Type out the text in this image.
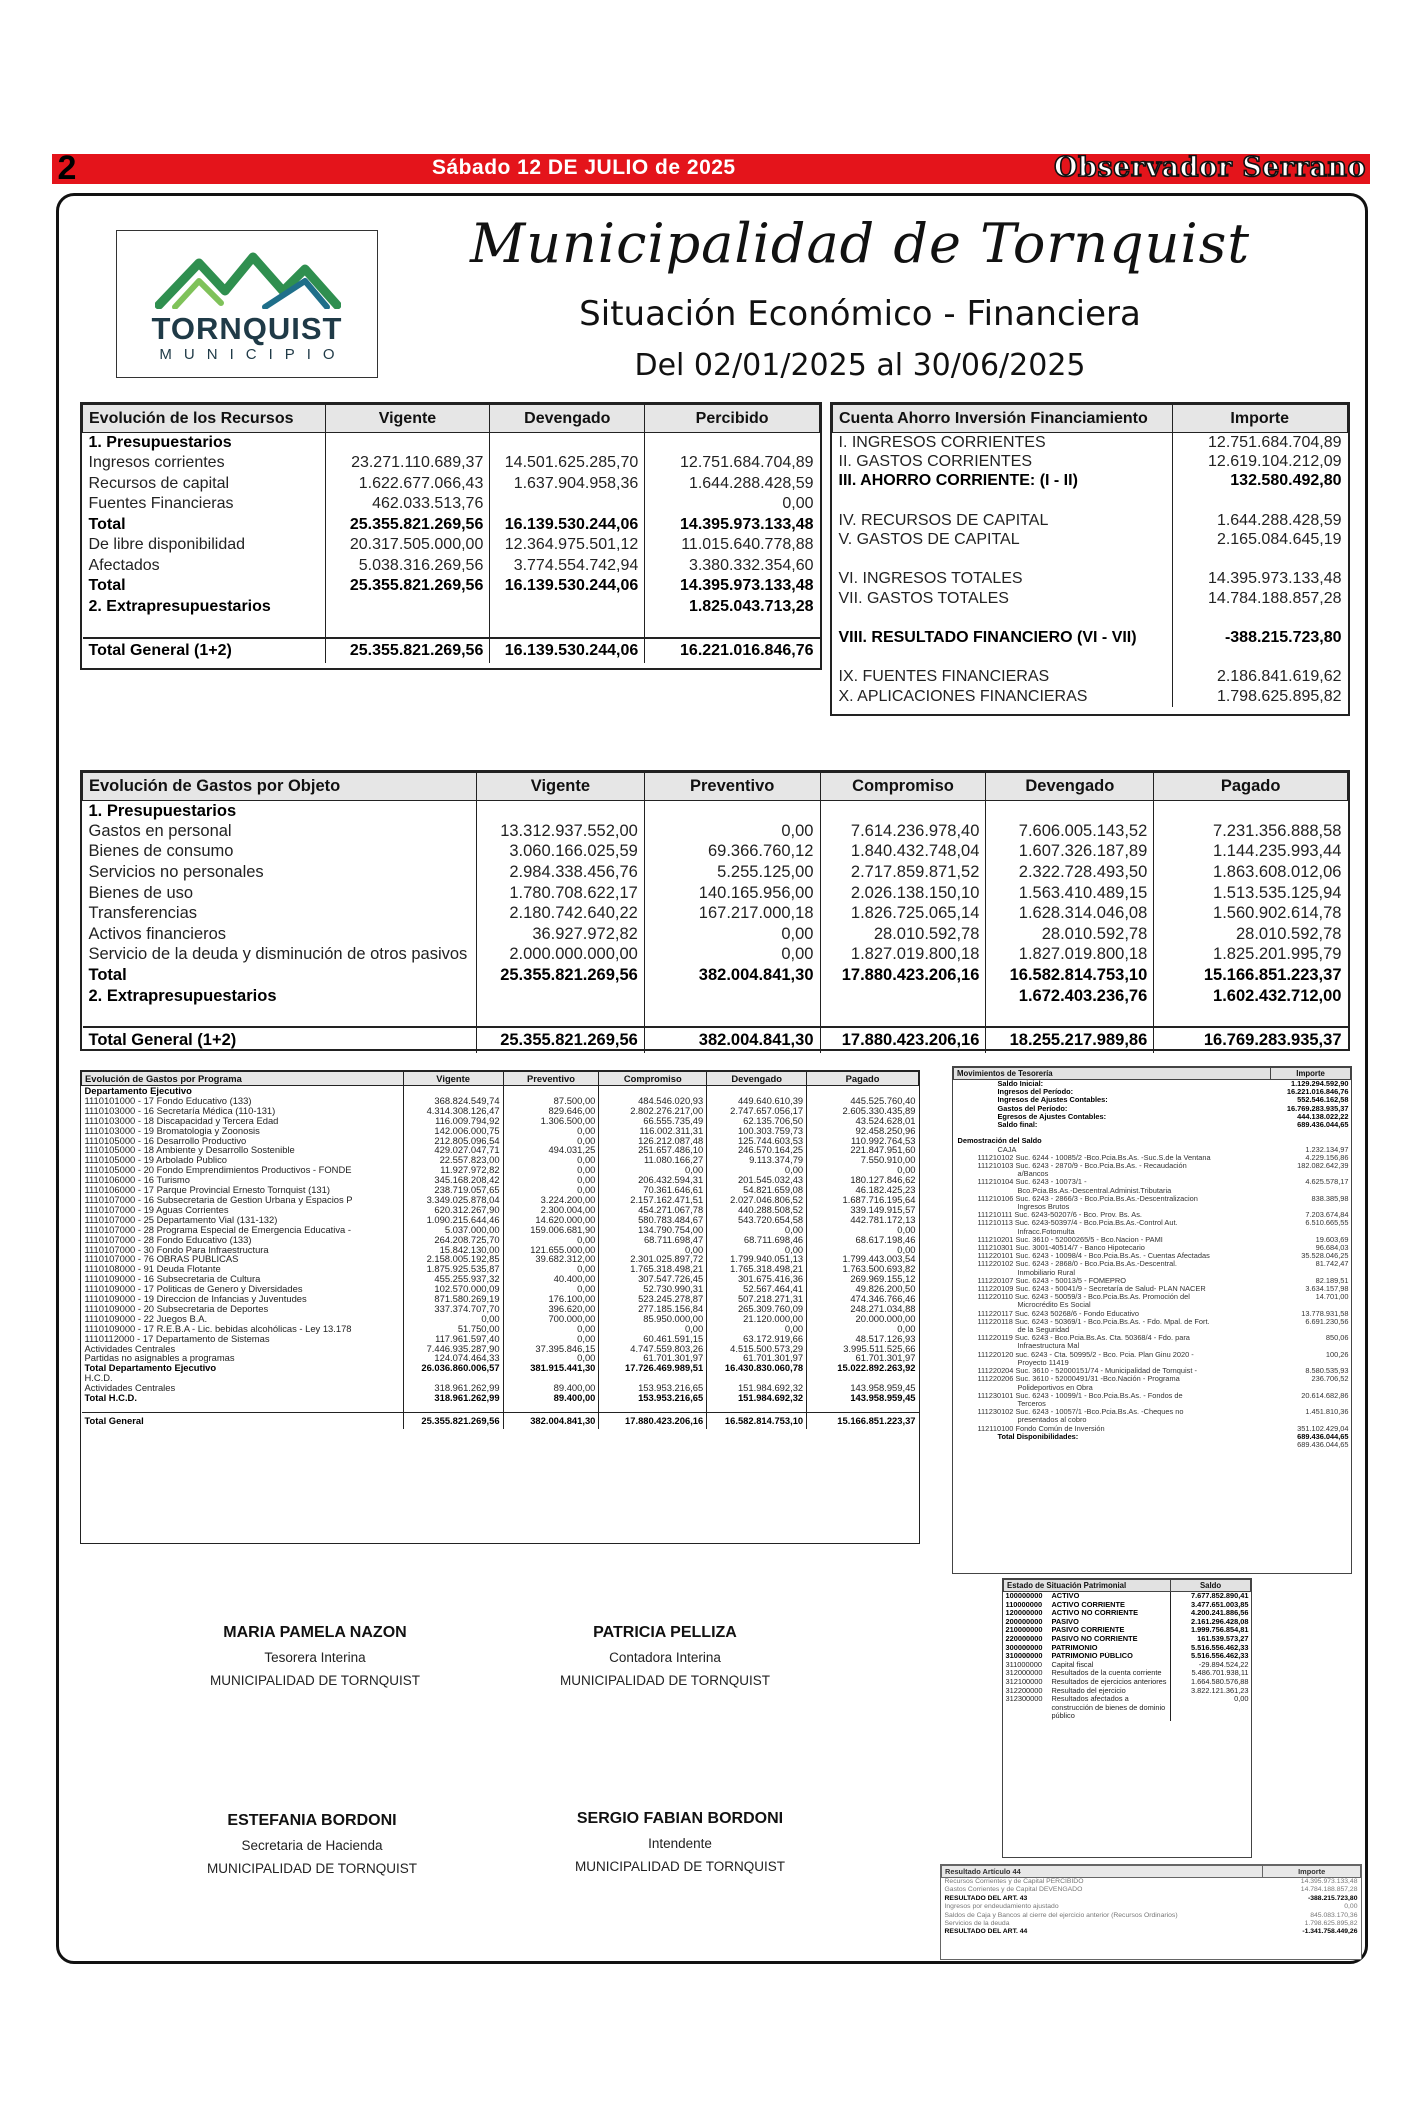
2	Sábado 12 DE JULIO de 2025	Observador Serrano
TORNQUIST
MUNICIPIO
Municipalidad de Tornquist
Situación Económico - Financiera
Del 02/01/2025 al 30/06/2025
Evolución de los Recursos	Vigente	Devengado	Percibido
1. Presupuestarios			
Ingresos corrientes	23.271.110.689,37	14.501.625.285,70	12.751.684.704,89
Recursos de capital	1.622.677.066,43	1.637.904.958,36	1.644.288.428,59
Fuentes Financieras	462.033.513,76		0,00
Total	25.355.821.269,56	16.139.530.244,06	14.395.973.133,48
De libre disponibilidad	20.317.505.000,00	12.364.975.501,12	11.015.640.778,88
Afectados	5.038.316.269,56	3.774.554.742,94	3.380.332.354,60
Total	25.355.821.269,56	16.139.530.244,06	14.395.973.133,48
2. Extrapresupuestarios			1.825.043.713,28

Total General (1+2)	25.355.821.269,56	16.139.530.244,06	16.221.016.846,76
Cuenta Ahorro Inversión Financiamiento	Importe
I. INGRESOS CORRIENTES	12.751.684.704,89
II. GASTOS CORRIENTES	12.619.104.212,09
III. AHORRO CORRIENTE: (I - II)	132.580.492,80

IV. RECURSOS DE CAPITAL	1.644.288.428,59
V. GASTOS DE CAPITAL	2.165.084.645,19

VI. INGRESOS TOTALES	14.395.973.133,48
VII. GASTOS TOTALES	14.784.188.857,28

VIII. RESULTADO FINANCIERO (VI - VII)	-388.215.723,80

IX. FUENTES FINANCIERAS	2.186.841.619,62
X. APLICACIONES FINANCIERAS	1.798.625.895,82
Evolución de Gastos por Objeto	Vigente	Preventivo	Compromiso	Devengado	Pagado
1. Presupuestarios					
Gastos en personal	13.312.937.552,00	0,00	7.614.236.978,40	7.606.005.143,52	7.231.356.888,58
Bienes de consumo	3.060.166.025,59	69.366.760,12	1.840.432.748,04	1.607.326.187,89	1.144.235.993,44
Servicios no personales	2.984.338.456,76	5.255.125,00	2.717.859.871,52	2.322.728.493,50	1.863.608.012,06
Bienes de uso	1.780.708.622,17	140.165.956,00	2.026.138.150,10	1.563.410.489,15	1.513.535.125,94
Transferencias	2.180.742.640,22	167.217.000,18	1.826.725.065,14	1.628.314.046,08	1.560.902.614,78
Activos financieros	36.927.972,82	0,00	28.010.592,78	28.010.592,78	28.010.592,78
Servicio de la deuda y disminución de otros pasivos	2.000.000.000,00	0,00	1.827.019.800,18	1.827.019.800,18	1.825.201.995,79
Total	25.355.821.269,56	382.004.841,30	17.880.423.206,16	16.582.814.753,10	15.166.851.223,37
2. Extrapresupuestarios				1.672.403.236,76	1.602.432.712,00

Total General (1+2)	25.355.821.269,56	382.004.841,30	17.880.423.206,16	18.255.217.989,86	16.769.283.935,37
Evolución de Gastos por Programa	Vigente	Preventivo	Compromiso	Devengado	Pagado
Departamento Ejecutivo					
1110101000 - 17 Fondo Educativo (133)	368.824.549,74	87.500,00	484.546.020,93	449.640.610,39	445.525.760,40
1110103000 - 16 Secretaría Médica (110-131)	4.314.308.126,47	829.646,00	2.802.276.217,00	2.747.657.056,17	2.605.330.435,89
1110103000 - 18 Discapacidad y Tercera Edad	116.009.794,92	1.306.500,00	66.555.735,49	62.135.706,50	43.524.628,01
1110103000 - 19 Bromatologia y Zoonosis	142.006.000,75	0,00	116.002.311,31	100.303.759,73	92.458.250,96
1110105000 - 16 Desarrollo Productivo	212.805.096,54	0,00	126.212.087,48	125.744.603,53	110.992.764,53
1110105000 - 18 Ambiente y Desarrollo Sostenible	429.027.047,71	494.031,25	251.657.486,10	246.570.164,25	221.847.951,60
1110105000 - 19 Arbolado Publico	22.557.823,00	0,00	11.080.166,27	9.113.374,79	7.550.910,00
1110105000 - 20 Fondo Emprendimientos Productivos - FONDE	11.927.972,82	0,00	0,00	0,00	0,00
1110106000 - 16 Turismo	345.168.208,42	0,00	206.432.594,31	201.545.032,43	180.127.846,62
1110106000 - 17 Parque Provincial Ernesto Tornquist (131)	238.719.057,65	0,00	70.361.646,61	54.821.659,08	46.182.425,23
1110107000 - 16 Subsecretaria de Gestion Urbana y Espacios P	3.349.025.878,04	3.224.200,00	2.157.162.471,51	2.027.046.806,52	1.687.716.195,64
1110107000 - 19 Aguas Corrientes	620.312.267,90	2.300.004,00	454.271.067,78	440.288.508,52	339.149.915,57
1110107000 - 25 Departamento Vial (131-132)	1.090.215.644,46	14.620.000,00	580.783.484,67	543.720.654,58	442.781.172,13
1110107000 - 28 Programa Especial de Emergencia Educativa -	5.037.000,00	159.006.681,90	134.790.754,00	0,00	0,00
1110107000 - 28 Fondo Educativo (133)	264.208.725,70	0,00	68.711.698,47	68.711.698,46	68.617.198,46
1110107000 - 30 Fondo Para Infraestructura	15.842.130,00	121.655.000,00	0,00	0,00	0,00
1110107000 - 76 OBRAS PUBLICAS	2.158.005.192,85	39.682.312,00	2.301.025.897,72	1.799.940.051,13	1.799.443.003,54
1110108000 - 91 Deuda Flotante	1.875.925.535,87	0,00	1.765.318.498,21	1.765.318.498,21	1.763.500.693,82
1110109000 - 16 Subsecretaria de Cultura	455.255.937,32	40.400,00	307.547.726,45	301.675.416,36	269.969.155,12
1110109000 - 17 Politicas de Genero y Diversidades	102.570.000,09	0,00	52.730.990,31	52.567.464,41	49.826.200,50
1110109000 - 19 Direccion de Infancias y Juventudes	871.580.269,19	176.100,00	523.245.278,87	507.218.271,31	474.346.766,46
1110109000 - 20 Subsecretaria de Deportes	337.374.707,70	396.620,00	277.185.156,84	265.309.760,09	248.271.034,88
1110109000 - 22 Juegos B.A.	0,00	700.000,00	85.950.000,00	21.120.000,00	20.000.000,00
1110109000 - 17 R.E.B.A - Lic. bebidas alcohólicas - Ley 13.178	51.750,00	0,00	0,00	0,00	0,00
1110112000 - 17 Departamento de Sistemas	117.961.597,40	0,00	60.461.591,15	63.172.919,66	48.517.126,93
Actividades Centrales	7.446.935.287,90	37.395.846,15	4.747.559.803,26	4.515.500.573,29	3.995.511.525,66
Partidas no asignables a programas	124.074.464,33	0,00	61.701.301,97	61.701.301,97	61.701.301,97
Total Departamento Ejecutivo	26.036.860.006,57	381.915.441,30	17.726.469.989,51	16.430.830.060,78	15.022.892.263,92
H.C.D.					
Actividades Centrales	318.961.262,99	89.400,00	153.953.216,65	151.984.692,32	143.958.959,45
Total H.C.D.	318.961.262,99	89.400,00	153.953.216,65	151.984.692,32	143.958.959,45

Total General	25.355.821.269,56	382.004.841,30	17.880.423.206,16	16.582.814.753,10	15.166.851.223,37
Movimientos de Tesorería	Importe
Saldo Inicial:	1.129.294.592,90
Ingresos del Período:	16.221.016.846,76
Ingresos de Ajustes Contables:	552.546.162,58
Gastos del Período:	16.769.283.935,37
Egresos de Ajustes Contables:	444.138.022,22
Saldo final:	689.436.044,65

Demostración del Saldo	
CAJA	1.232.134,97
111210102 Suc. 6244 - 10085/2 -Bco.Pcia.Bs.As. -Suc.S.de la Ventana	4.229.156,86
111210103 Suc. 6243 - 2870/9 - Bco.Pcia.Bs.As. - Recaudación	182.082.642,39
a/Bancos	
111210104 Suc. 6243 - 10073/1 -	4.625.578,17
Bco.Pcia.Bs.As.-Descentral.Administ.Tributaria	
111210106 Suc. 6243 - 2866/3 - Bco.Pcia.Bs.As.-Descentralizacion	838.385,98
Ingresos Brutos	
111210111 Suc. 6243-50207/6 - Bco. Prov. Bs. As.	7.203.674,84
111210113 Suc. 6243-50397/4 - Bco.Pcia.Bs.As.-Control Aut.	6.510.665,55
Infracc.Fotomulta	
111210201 Suc. 3610 - 52000265/5 - Bco.Nacion - PAMI	19.603,69
111210301 Suc. 3001-40514/7 - Banco Hipotecario	96.684,03
111220101 Suc. 6243 - 10098/4 - Bco.Pcia.Bs.As. - Cuentas Afectadas	35.528.046,25
111220102 Suc. 6243 - 2868/0 - Bco.Pcia.Bs.As.-Descentral.	81.742,47
Inmobiliario Rural	
111220107 Suc. 6243 - 50013/5 - FOMEPRO	82.189,51
111220109 Suc. 6243 - 50041/9 - Secretaría de Salud- PLAN NACER	3.634.157,98
111220110 Suc. 6243 - 50059/3 - Bco.Pcia.Bs.As. Promoción del	14.701,00
Microcrédito Es Social	
111220117 Suc. 6243 50268/6 - Fondo Educativo	13.778.931,58
111220118 Suc. 6243 - 50369/1 - Bco.Pcia.Bs.As. - Fdo. Mpal. de Fort.	6.691.230,56
de la Seguridad	
111220119 Suc. 6243 - Bco.Pcia.Bs.As. Cta. 50368/4 - Fdo. para	850,06
Infraestructura Mal	
111220120 suc. 6243 - Cta. 50995/2 - Bco. Pcia. Plan Ginu 2020 -	100,26
Proyecto 11419	
111220204 Suc. 3610 - 52000151/74 - Municipalidad de Tornquist -	8.580.535,93
111220206 Suc. 3610 - 52000491/31 -Bco.Nación - Programa	236.706,52
Polideportivos en Obra	
111230101 Suc. 6243 - 10099/1 - Bco.Pcia.Bs.As. - Fondos de	20.614.682,86
Terceros	
111230102 Suc. 6243 - 10057/1 -Bco.Pcia.Bs.As. -Cheques no	1.451.810,36
presentados al cobro	
112110100 Fondo Común de Inversión	351.102.429,04
Total Disponibilidades:	689.436.044,65
	689.436.044,65
Estado de Situación Patrimonial		Saldo
100000000	ACTIVO	7.677.852.890,41

110000000	ACTIVO CORRIENTE	3.477.651.003,85
120000000	ACTIVO NO CORRIENTE	4.200.241.886,56

200000000	PASIVO	2.161.296.428,08

210000000	PASIVO CORRIENTE	1.999.756.854,81
220000000	PASIVO NO CORRIENTE	161.539.573,27

300000000	PATRIMONIO	5.516.556.462,33

310000000	PATRIMONIO PÚBLICO	5.516.556.462,33
311000000	Capital fiscal	-29.894.524,22
312000000	Resultados de la cuenta corriente	5.486.701.938,11
312100000	Resultados de ejercicios anteriores	1.664.580.576,88
312200000	Resultado del ejercicio	3.822.121.361,23
312300000	Resultados afectados a construcción de bienes de dominio público	0,00
Resultado Artículo 44	Importe
Recursos Corrientes y de Capital PERCIBIDO	14.395.973.133,48
Gastos Corrientes y de Capital DEVENGADO	14.784.188.857,28
RESULTADO DEL ART. 43	-388.215.723,80
Ingresos por endeudamiento ajustado	0,00
Saldos de Caja y Bancos al cierre del ejercicio anterior (Recursos Ordinarios)	845.083.170,36
Servicios de la deuda	1.798.625.895,82
RESULTADO DEL ART. 44	-1.341.758.449,26
MARIA PAMELA NAZON
Tesorera Interina
MUNICIPALIDAD DE TORNQUIST
PATRICIA PELLIZA
Contadora Interina
MUNICIPALIDAD DE TORNQUIST
ESTEFANIA BORDONI
Secretaria de Hacienda
MUNICIPALIDAD DE TORNQUIST
SERGIO FABIAN BORDONI
Intendente
MUNICIPALIDAD DE TORNQUIST
